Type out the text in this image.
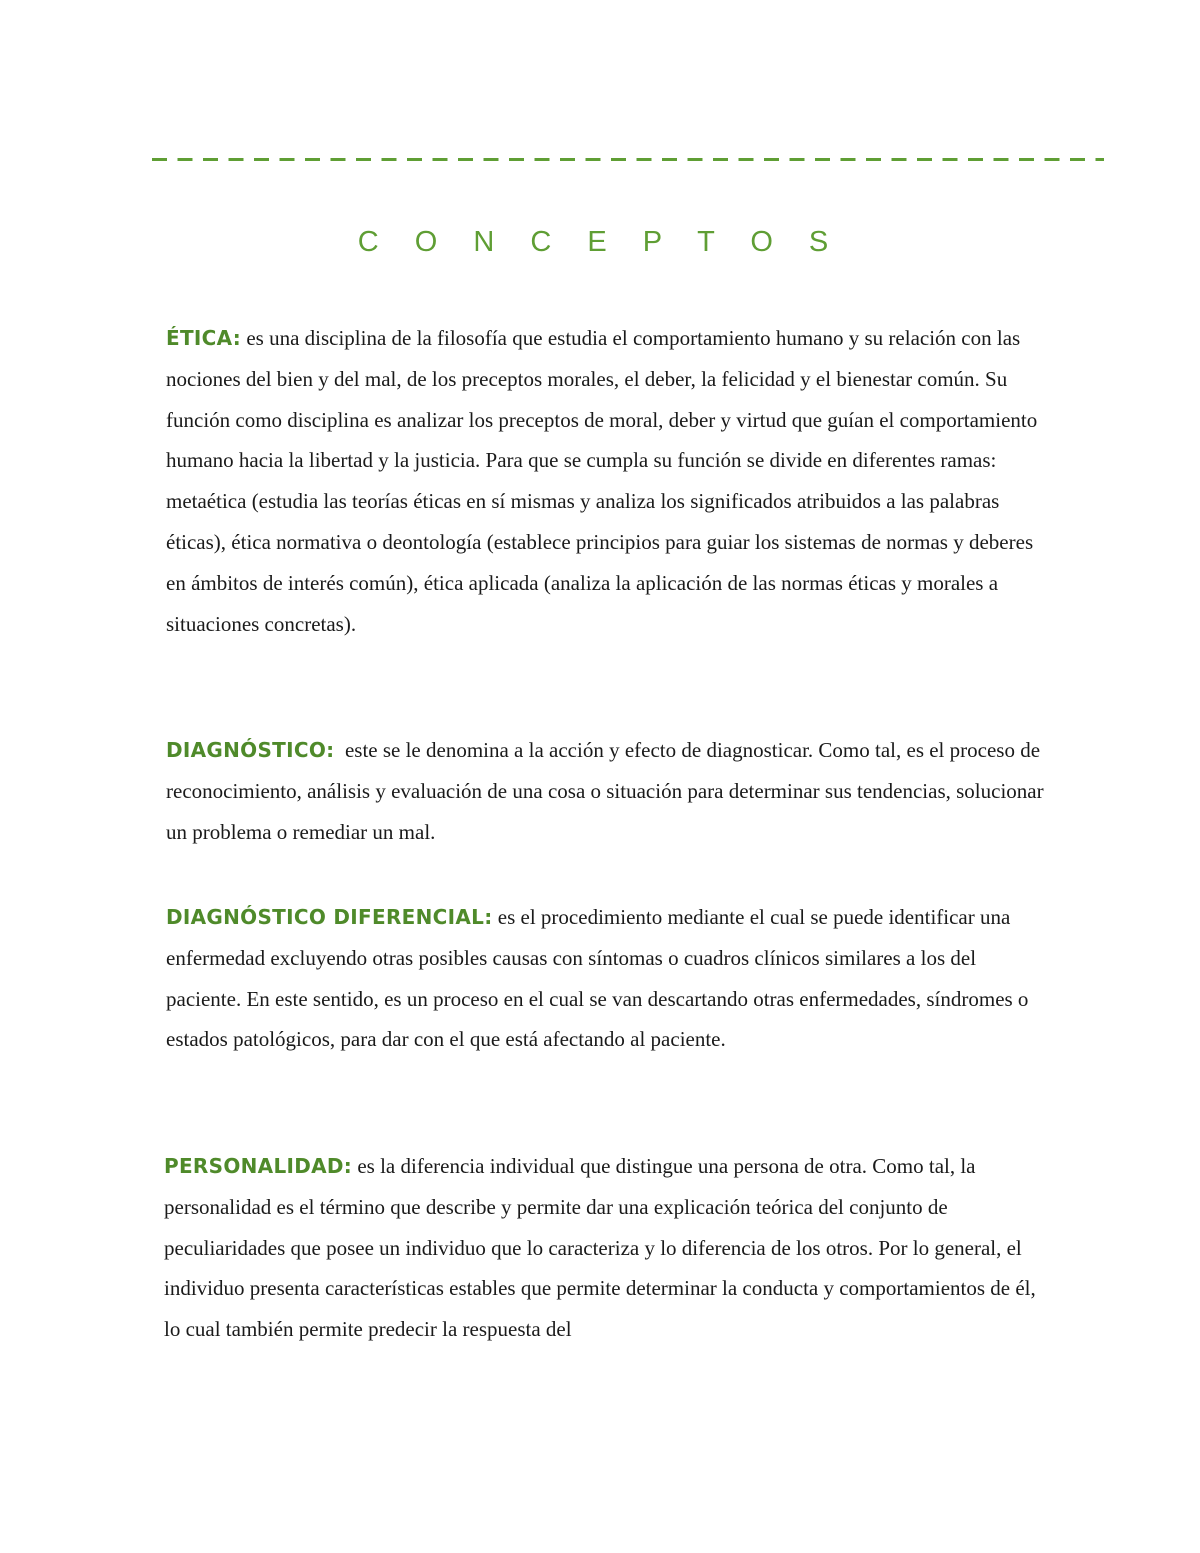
C O N C E P T O S

ÉTICA: es una disciplina de la filosofía que estudia el comportamiento humano y su relación con las nociones del bien y del mal, de los preceptos morales, el deber, la felicidad y el bienestar común. Su función como disciplina es analizar los preceptos de moral, deber y virtud que guían el comportamiento humano hacia la libertad y la justicia. Para que se cumpla su función se divide en diferentes ramas: metaética (estudia las teorías éticas en sí mismas y analiza los significados atribuidos a las palabras éticas), ética normativa o deontología (establece principios para guiar los sistemas de normas y deberes en ámbitos de interés común), ética aplicada (analiza la aplicación de las normas éticas y morales a situaciones concretas).

DIAGNÓSTICO:  este se le denomina a la acción y efecto de diagnosticar. Como tal, es el proceso de reconocimiento, análisis y evaluación de una cosa o situación para determinar sus tendencias, solucionar un problema o remediar un mal.

DIAGNÓSTICO DIFERENCIAL: es el procedimiento mediante el cual se puede identificar una enfermedad excluyendo otras posibles causas con síntomas o cuadros clínicos similares a los del paciente. En este sentido, es un proceso en el cual se van descartando otras enfermedades, síndromes o estados patológicos, para dar con el que está afectando al paciente.

PERSONALIDAD: es la diferencia individual que distingue una persona de otra. Como tal, la personalidad es el término que describe y permite dar una explicación teórica del conjunto de peculiaridades que posee un individuo que lo caracteriza y lo diferencia de los otros. Por lo general, el individuo presenta características estables que permite determinar la conducta y comportamientos de él, lo cual también permite predecir la respuesta del
